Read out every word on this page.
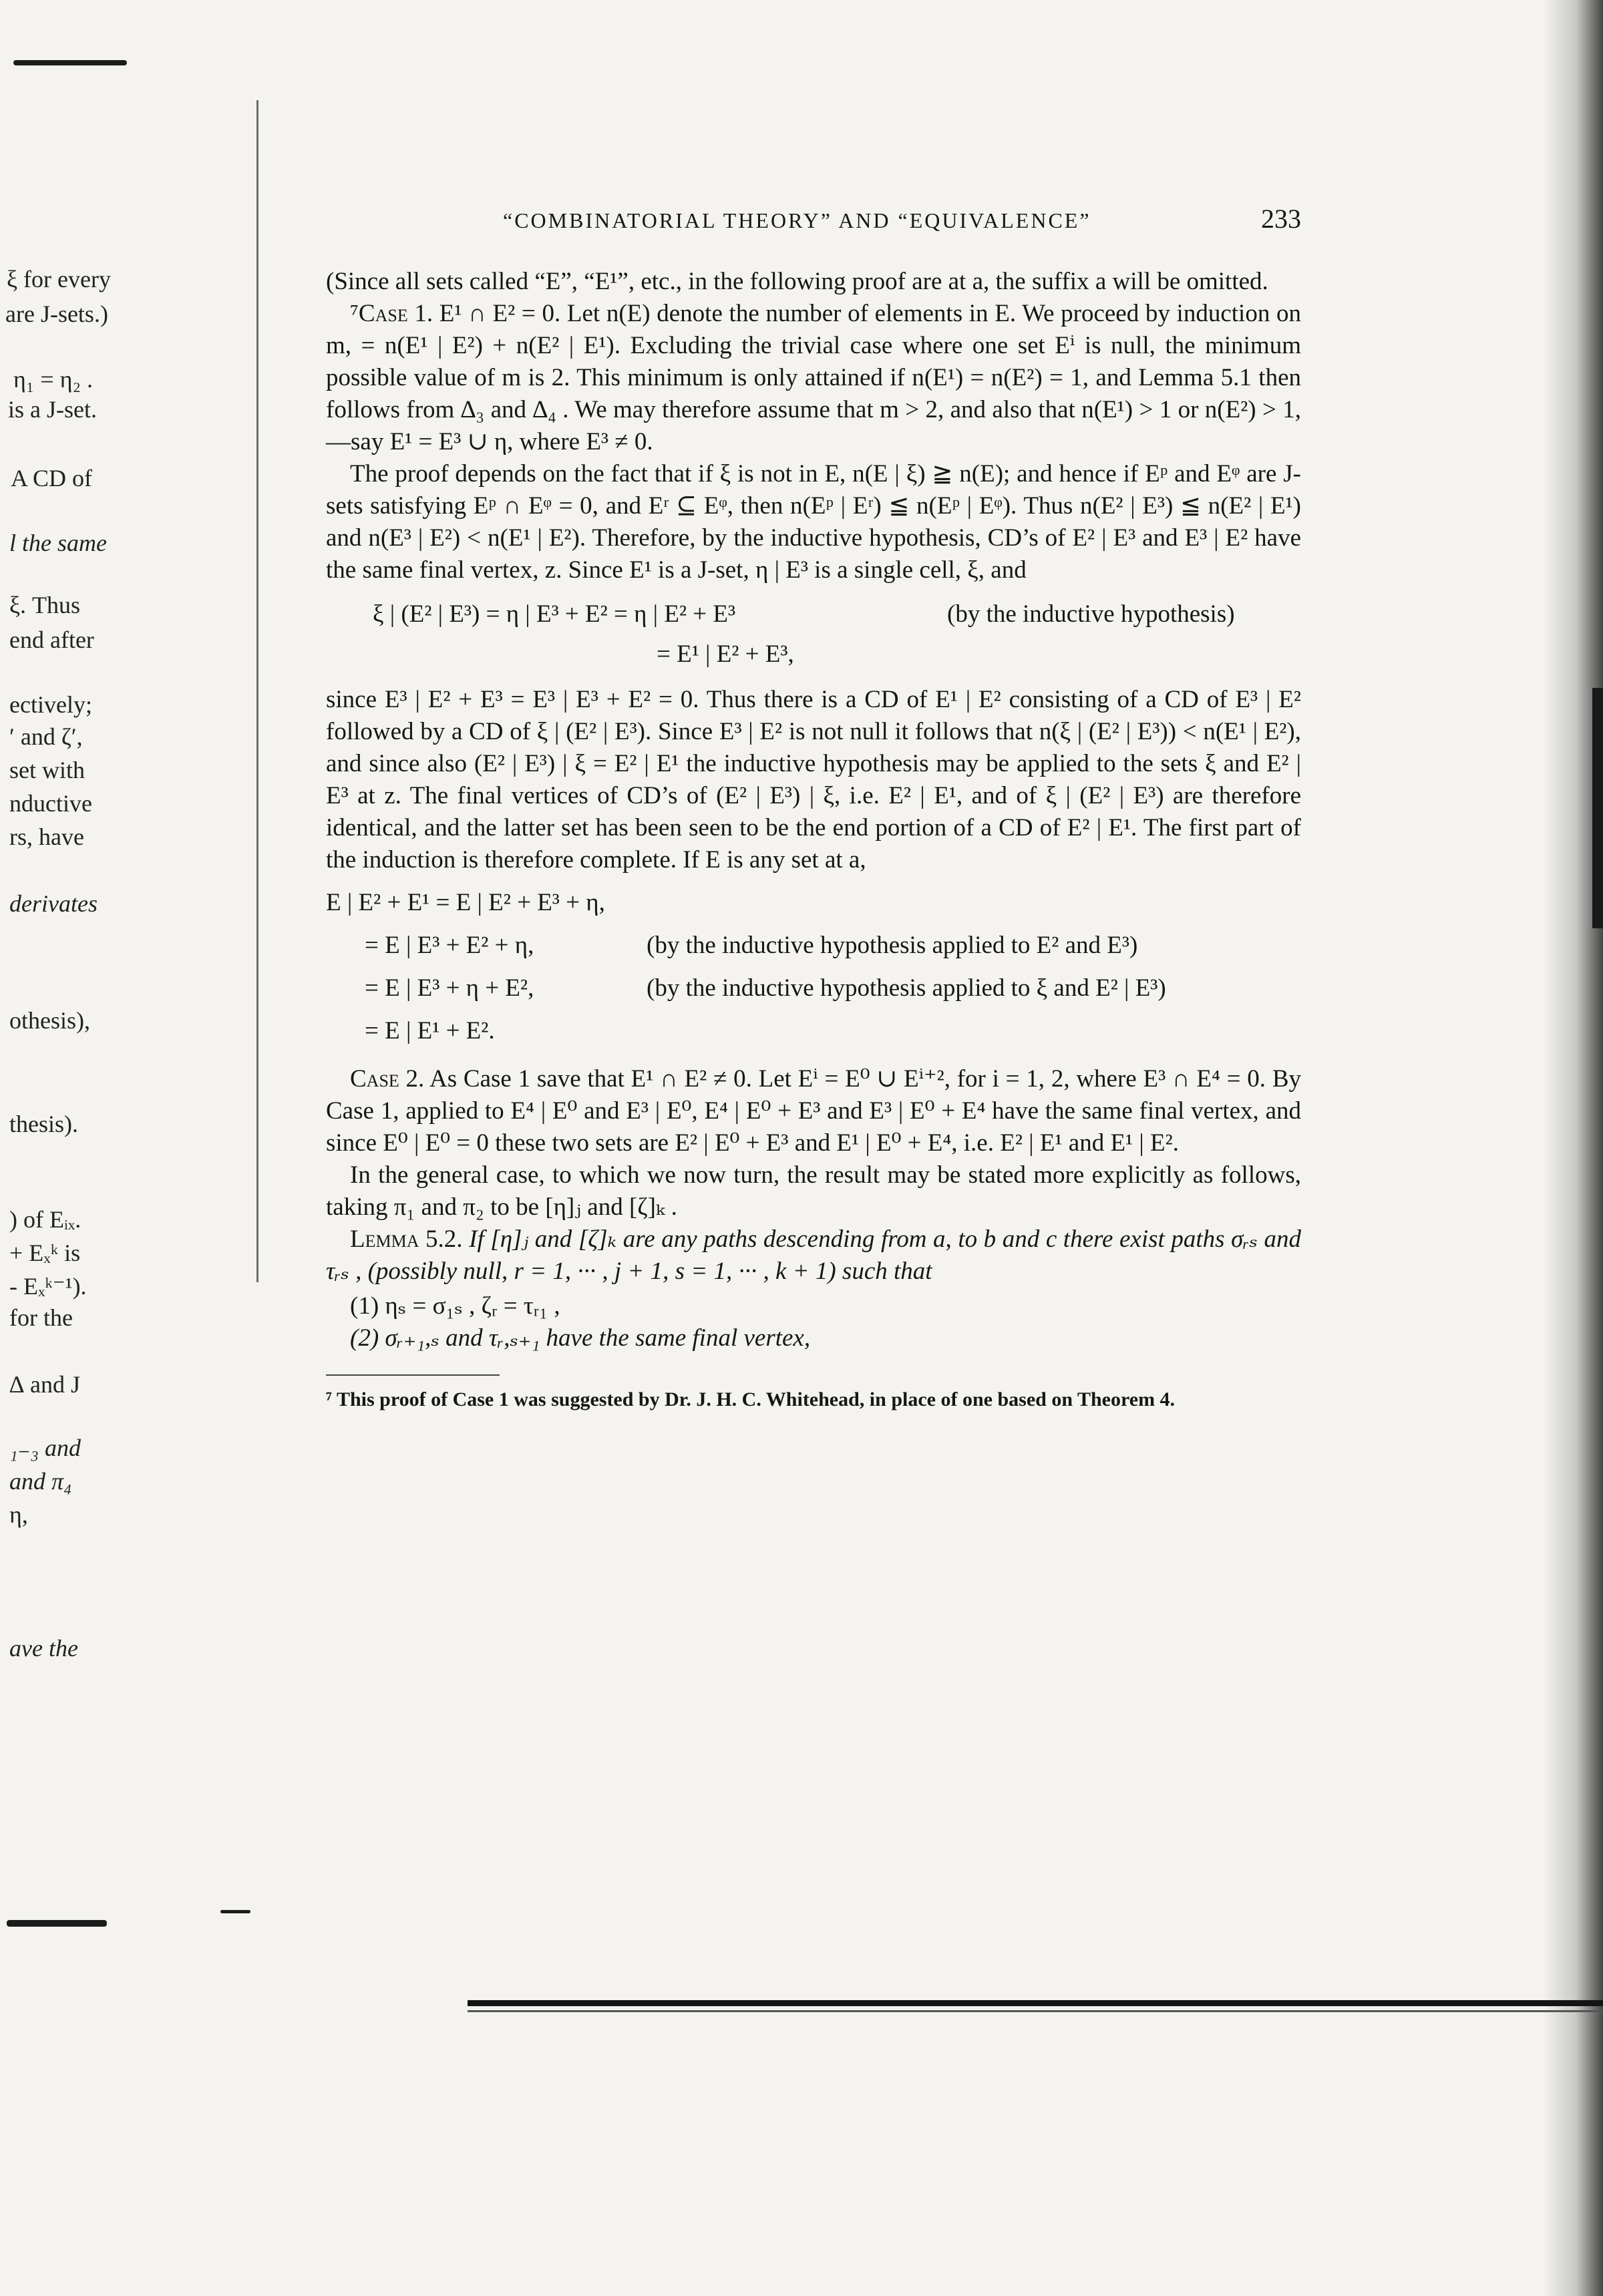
ξ for every
are J-sets.)
η₁ = η₂ .
is a J-set.
A CD of
l the same
ξ. Thus
end after
ectively;
′ and ζ′,
set with
nductive
rs, have
derivates
othesis),
thesis).
) of Eᵢₓ.
+ Eₓᵏ is
- Eₓᵏ⁻¹).
for the
∆ and J
₁₋₃ and
and π₄
η,
ave the
“COMBINATORIAL THEORY” AND “EQUIVALENCE”	233

(Since all sets called “E”, “E¹”, etc., in the following proof are at a, the suffix a will be omitted.

⁷Case 1. E¹ ∩ E² = 0. Let n(E) denote the number of elements in E. We proceed by induction on m, = n(E¹ | E²) + n(E² | E¹). Excluding the trivial case where one set Eⁱ is null, the minimum possible value of m is 2. This minimum is only attained if n(E¹) = n(E²) = 1, and Lemma 5.1 then follows from ∆₃ and ∆₄ . We may therefore assume that m > 2, and also that n(E¹) > 1 or n(E²) > 1, —say E¹ = E³ ∪ η, where E³ ≠ 0.

The proof depends on the fact that if ξ is not in E, n(E | ξ) ≧ n(E); and hence if Eᵖ and Eᵠ are J-sets satisfying Eᵖ ∩ Eᵠ = 0, and Eʳ ⊆ Eᵠ, then n(Eᵖ | Eʳ) ≦ n(Eᵖ | Eᵠ). Thus n(E² | E³) ≦ n(E² | E¹) and n(E³ | E²) < n(E¹ | E²). Therefore, by the inductive hypothesis, CD’s of E² | E³ and E³ | E² have the same final vertex, z. Since E¹ is a J-set, η | E³ is a single cell, ξ, and

ξ | (E² | E³) = η | E³ + E² = η | E² + E³	(by the inductive hypothesis)
= E¹ | E² + E³,

since E³ | E² + E³ = E³ | E³ + E² = 0. Thus there is a CD of E¹ | E² consisting of a CD of E³ | E² followed by a CD of ξ | (E² | E³). Since E³ | E² is not null it follows that n(ξ | (E² | E³)) < n(E¹ | E²), and since also (E² | E³) | ξ = E² | E¹ the inductive hypothesis may be applied to the sets ξ and E² | E³ at z. The final vertices of CD’s of (E² | E³) | ξ, i.e. E² | E¹, and of ξ | (E² | E³) are therefore identical, and the latter set has been seen to be the end portion of a CD of E² | E¹. The first part of the induction is therefore complete. If E is any set at a,

E | E² + E¹ = E | E² + E³ + η,
= E | E³ + E² + η,	(by the inductive hypothesis applied to E² and E³)
= E | E³ + η + E²,	(by the inductive hypothesis applied to ξ and E² | E³)
= E | E¹ + E².

Case 2. As Case 1 save that E¹ ∩ E² ≠ 0. Let Eⁱ = E⁰ ∪ Eⁱ⁺², for i = 1, 2, where E³ ∩ E⁴ = 0. By Case 1, applied to E⁴ | E⁰ and E³ | E⁰, E⁴ | E⁰ + E³ and E³ | E⁰ + E⁴ have the same final vertex, and since E⁰ | E⁰ = 0 these two sets are E² | E⁰ + E³ and E¹ | E⁰ + E⁴, i.e. E² | E¹ and E¹ | E².

In the general case, to which we now turn, the result may be stated more explicitly as follows, taking π₁ and π₂ to be [η]ⱼ and [ζ]ₖ .

Lemma 5.2. If [η]ⱼ and [ζ]ₖ are any paths descending from a, to b and c there exist paths σᵣₛ and τᵣₛ , (possibly null, r = 1, ··· , j + 1, s = 1, ··· , k + 1) such that

(1) ηₛ = σ₁ₛ , ζᵣ = τᵣ₁ ,

(2) σᵣ₊₁,ₛ and τᵣ,ₛ₊₁ have the same final vertex,

⁷ This proof of Case 1 was suggested by Dr. J. H. C. Whitehead, in place of one based on Theorem 4.
